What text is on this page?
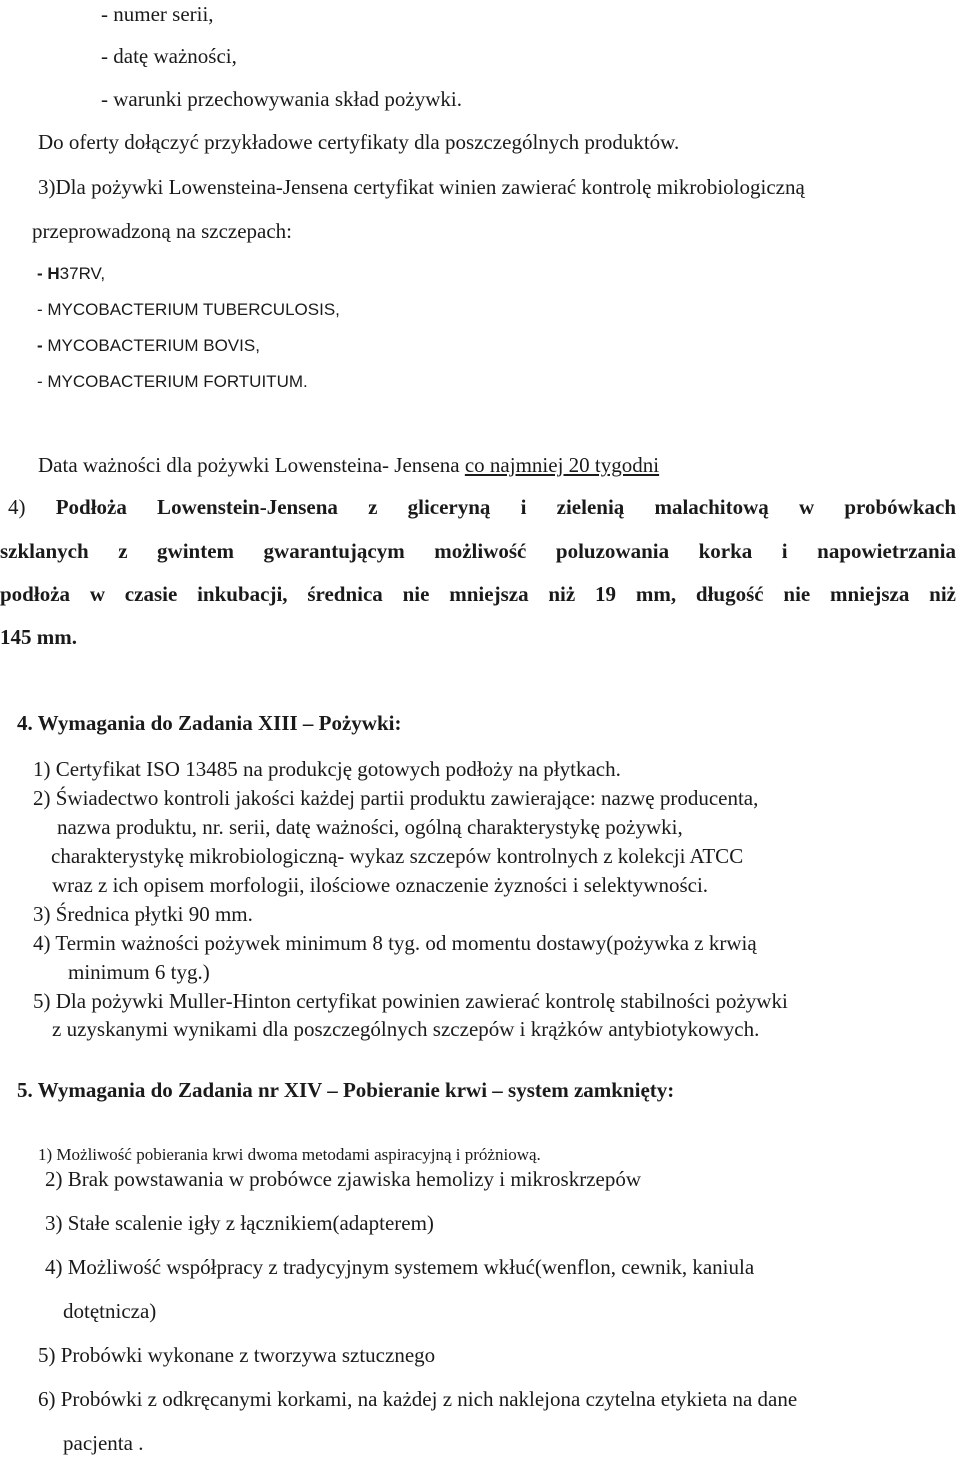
- numer serii,
- datę ważności,
- warunki przechowywania skład pożywki.
Do oferty dołączyć przykładowe certyfikaty dla poszczególnych produktów.
3)Dla pożywki Lowensteina-Jensena certyfikat winien zawierać kontrolę mikrobiologiczną
przeprowadzoną na szczepach:
- H37RV,
- MYCOBACTERIUM TUBERCULOSIS,
- MYCOBACTERIUM BOVIS,
- MYCOBACTERIUM FORTUITUM.
Data ważności dla pożywki Lowensteina- Jensena co najmniej 20 tygodni
4) Podłoża Lowenstein-Jensena z gliceryną i zielenią malachitową w probówkach
szklanych z gwintem gwarantującym możliwość poluzowania korka i napowietrzania
podłoża w czasie inkubacji, średnica nie mniejsza niż 19 mm, długość nie mniejsza niż
145 mm.
4. Wymagania do Zadania XIII – Pożywki:
1) Certyfikat ISO 13485 na produkcję gotowych podłoży na płytkach.
2) Świadectwo kontroli jakości każdej partii produktu zawierające: nazwę producenta,
nazwa produktu, nr. serii, datę ważności, ogólną charakterystykę pożywki,
charakterystykę mikrobiologiczną- wykaz szczepów kontrolnych z kolekcji ATCC
wraz z ich opisem morfologii, ilościowe oznaczenie żyzności i selektywności.
3) Średnica płytki 90 mm.
4) Termin ważności pożywek minimum 8 tyg. od momentu dostawy(pożywka z krwią
minimum 6 tyg.)
5) Dla pożywki Muller-Hinton certyfikat powinien zawierać kontrolę stabilności pożywki
z uzyskanymi wynikami dla poszczególnych szczepów i krążków antybiotykowych.
5. Wymagania do Zadania nr XIV – Pobieranie krwi – system zamknięty:
1) Możliwość pobierania krwi dwoma metodami aspiracyjną i próżniową.
2) Brak powstawania w probówce zjawiska hemolizy i mikroskrzepów
3) Stałe scalenie igły z łącznikiem(adapterem)
4) Możliwość współpracy z tradycyjnym systemem wkłuć(wenflon, cewnik, kaniula
dotętnicza)
5) Probówki wykonane z tworzywa sztucznego
6) Probówki z odkręcanymi korkami, na każdej z nich naklejona czytelna etykieta na dane
pacjenta .
